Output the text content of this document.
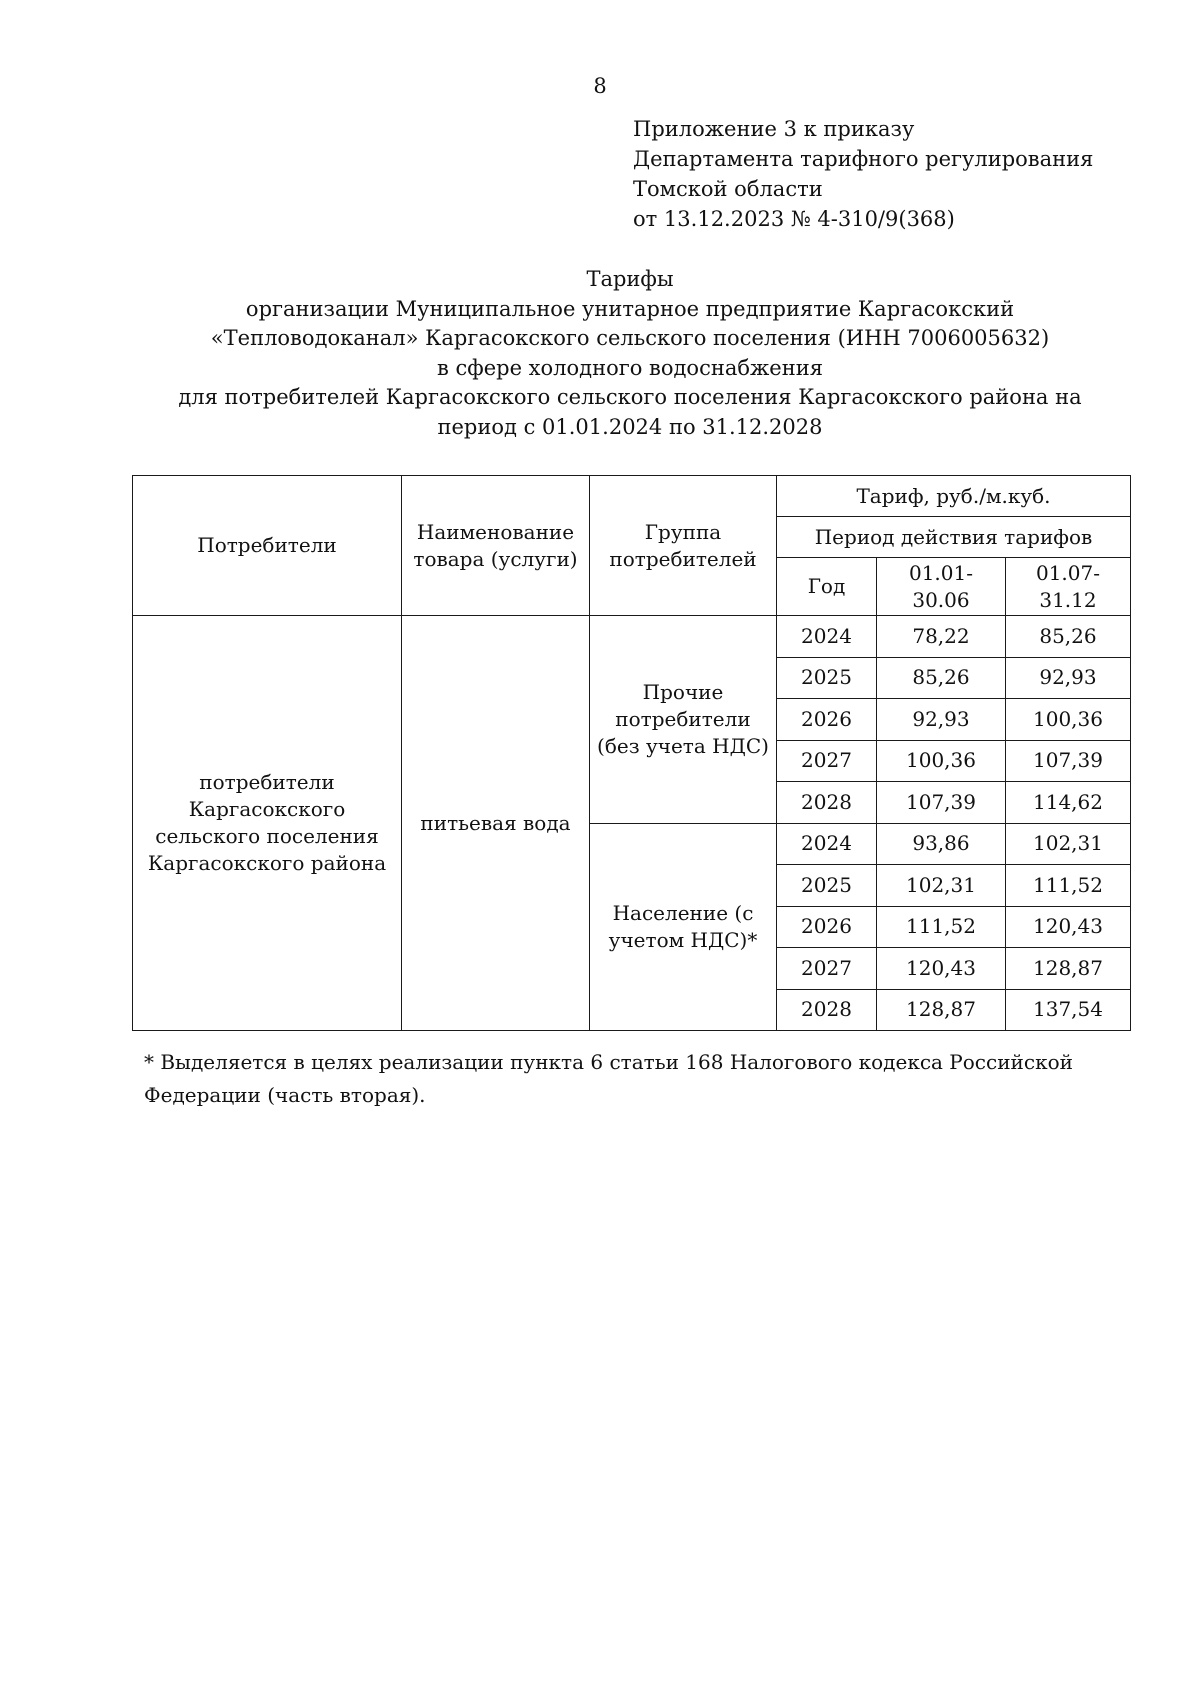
8
Приложение 3 к приказу
Департамента тарифного регулирования
Томской области
от 13.12.2023 № 4-310/9(368)
Тарифы
организации Муниципальное унитарное предприятие Каргасокский
«Тепловодоканал» Каргасокского сельского поселения (ИНН 7006005632)
в сфере холодного водоснабжения
для потребителей Каргасокского сельского поселения Каргасокского района на
период с 01.01.2024 по 31.12.2028
Потребители	Наименование товара (услуги)	Группа потребителей	Тариф, руб./м.куб.		
			Период действия тарифов		
			Год	01.01-30.06	01.07-31.12
потребители Каргасокского сельского поселения Каргасокского района	питьевая вода	Прочие потребители (без учета НДС)	2024	78,22	85,26
			2025	85,26	92,93
			2026	92,93	100,36
			2027	100,36	107,39
			2028	107,39	114,62
		Население (с учетом НДС)*	2024	93,86	102,31
			2025	102,31	111,52
			2026	111,52	120,43
			2027	120,43	128,87
			2028	128,87	137,54
* Выделяется в целях реализации пункта 6 статьи 168 Налогового кодекса Российской Федерации (часть вторая).
